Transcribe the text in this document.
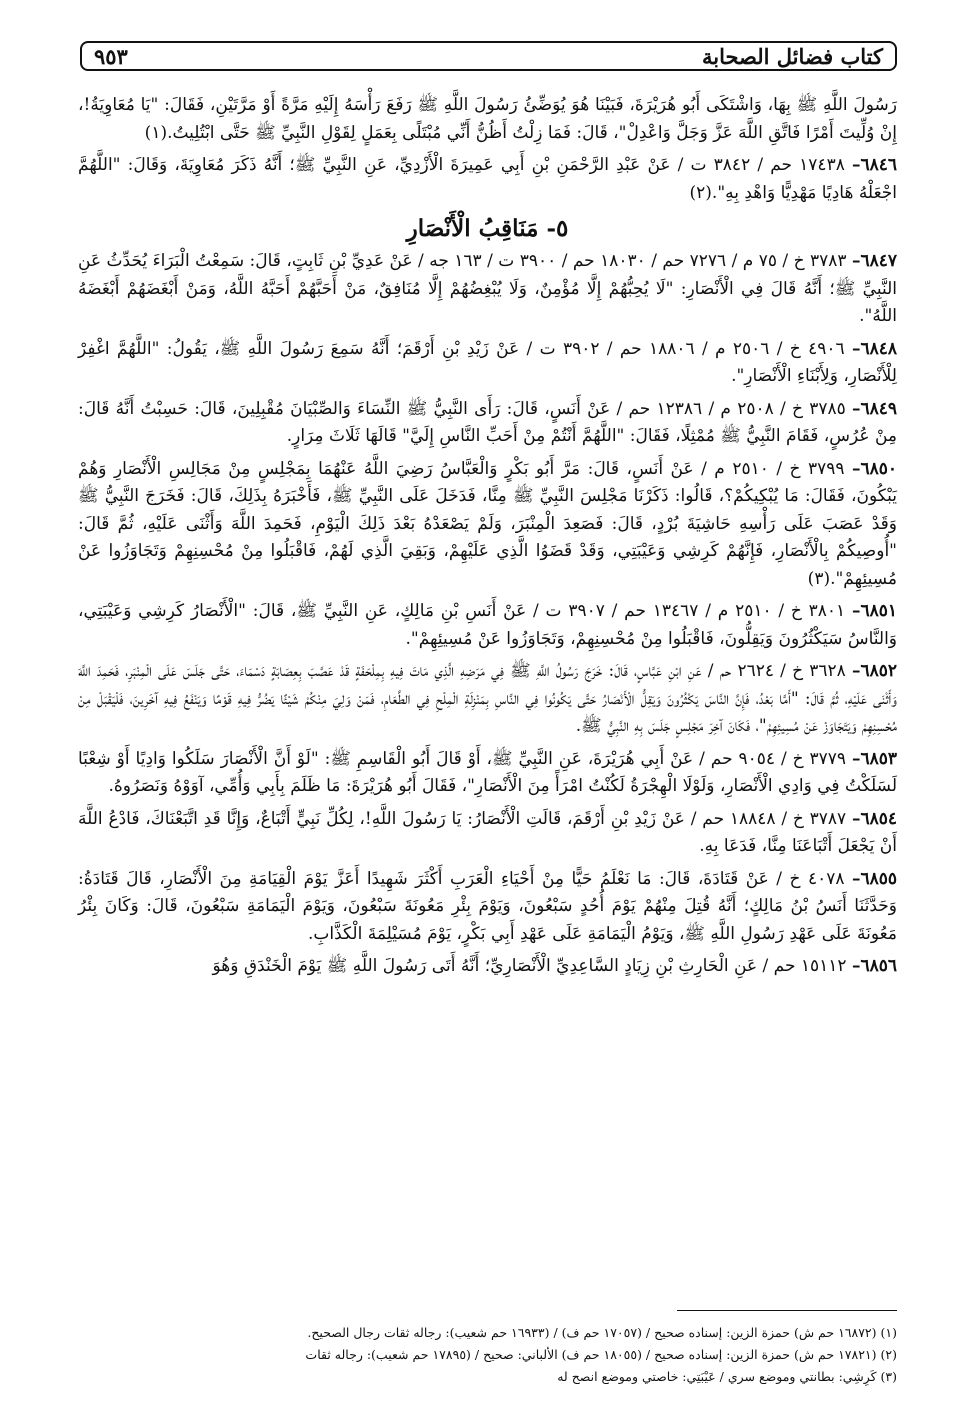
كتاب فضائل الصحابة
٩٥٣

رَسُولَ اللَّهِ ﷺ بِهَا، وَاشْتَكَى أَبُو هُرَيْرَةَ، فَبَيْنَا هُوَ يُوَضِّئُ رَسُولَ اللَّهِ ﷺ رَفَعَ رَأْسَهُ إِلَيْهِ مَرَّةً أَوْ مَرَّتَيْنِ، فَقَالَ: "يَا مُعَاوِيَةُ!، إِنْ وُلِّيتَ أَمْرًا فَاتَّقِ اللَّهَ عَزَّ وَجَلَّ وَاعْدِلْ"، قَالَ: فَمَا زِلْتُ أَظُنُّ أَنِّي مُبْتَلًى بِعَمَلٍ لِقَوْلِ النَّبِيِّ ﷺ حَتَّى ابْتُلِيتُ.(١)

٦٨٤٦– ١٧٤٣٨ حم / ٣٨٤٢ ت / عَنْ عَبْدِ الرَّحْمَنِ بْنِ أَبِي عَمِيرَةَ الْأَزْدِيِّ، عَنِ النَّبِيِّ ﷺ؛ أَنَّهُ ذَكَرَ مُعَاوِيَةَ، وَقَالَ: "اللَّهُمَّ اجْعَلْهُ هَادِيًا مَهْدِيًّا وَاهْدِ بِهِ".(٢)

٥- مَنَاقِبُ الْأَنْصَارِ

٦٨٤٧– ٣٧٨٣ خ / ٧٥ م / ٧٢٧٦ حم / ١٨٠٣٠ حم / ٣٩٠٠ ت / ١٦٣ جه / عَنْ عَدِيِّ بْنِ ثَابِتٍ، قَالَ: سَمِعْتُ الْبَرَاءَ يُحَدِّثُ عَنِ النَّبِيِّ ﷺ؛ أَنَّهُ قَالَ فِي الْأَنْصَارِ: "لَا يُحِبُّهُمْ إِلَّا مُؤْمِنٌ، وَلَا يُبْغِضُهُمْ إِلَّا مُنَافِقٌ، مَنْ أَحَبَّهُمْ أَحَبَّهُ اللَّهُ، وَمَنْ أَبْغَضَهُمْ أَبْغَضَهُ اللَّهُ".

٦٨٤٨– ٤٩٠٦ خ / ٢٥٠٦ م / ١٨٨٠٦ حم / ٣٩٠٢ ت / عَنْ زَيْدِ بْنِ أَرْقَمَ؛ أَنَّهُ سَمِعَ رَسُولَ اللَّهِ ﷺ، يَقُولُ: "اللَّهُمَّ اغْفِرْ لِلْأَنْصَارِ، وَلِأَبْنَاءِ الْأَنْصَارِ".

٦٨٤٩– ٣٧٨٥ خ / ٢٥٠٨ م / ١٢٣٨٦ حم / عَنْ أَنَسٍ، قَالَ: رَأَى النَّبِيُّ ﷺ النِّسَاءَ وَالصِّبْيَانَ مُقْبِلِينَ، قَالَ: حَسِبْتُ أَنَّهُ قَالَ: مِنْ عُرُسٍ، فَقَامَ النَّبِيُّ ﷺ مُمْثِلًا، فَقَالَ: "اللَّهُمَّ أَنْتُمْ مِنْ أَحَبِّ النَّاسِ إِلَيَّ" قَالَهَا ثَلَاثَ مِرَارٍ.

٦٨٥٠– ٣٧٩٩ خ / ٢٥١٠ م / عَنْ أَنَسٍ، قَالَ: مَرَّ أَبُو بَكْرٍ وَالْعَبَّاسُ رَضِيَ اللَّهُ عَنْهُمَا بِمَجْلِسٍ مِنْ مَجَالِسِ الْأَنْصَارِ وَهُمْ يَبْكُونَ، فَقَالَ: مَا يُبْكِيكُمْ؟، قَالُوا: ذَكَرْنَا مَجْلِسَ النَّبِيِّ ﷺ مِنَّا، فَدَخَلَ عَلَى النَّبِيِّ ﷺ، فَأَخْبَرَهُ بِذَلِكَ، قَالَ: فَخَرَجَ النَّبِيُّ ﷺ وَقَدْ عَصَبَ عَلَى رَأْسِهِ حَاشِيَةَ بُرْدٍ، قَالَ: فَصَعِدَ الْمِنْبَرَ، وَلَمْ يَصْعَدْهُ بَعْدَ ذَلِكَ الْيَوْمِ، فَحَمِدَ اللَّهَ وَأَثْنَى عَلَيْهِ، ثُمَّ قَالَ: "أُوصِيكُمْ بِالْأَنْصَارِ، فَإِنَّهُمْ كَرِشِي وَعَيْبَتِي، وَقَدْ قَضَوُا الَّذِي عَلَيْهِمْ، وَبَقِيَ الَّذِي لَهُمْ، فَاقْبَلُوا مِنْ مُحْسِنِهِمْ وَتَجَاوَزُوا عَنْ مُسِيئِهِمْ".(٣)

٦٨٥١– ٣٨٠١ خ / ٢٥١٠ م / ١٣٤٦٧ حم / ٣٩٠٧ ت / عَنْ أَنَسِ بْنِ مَالِكٍ، عَنِ النَّبِيِّ ﷺ، قَالَ: "الْأَنْصَارُ كَرِشِي وَعَيْبَتِي، وَالنَّاسُ سَيَكْثُرُونَ وَيَقِلُّونَ، فَاقْبَلُوا مِنْ مُحْسِنِهِمْ، وَتَجَاوَزُوا عَنْ مُسِيئِهِمْ".

٦٨٥٢– ٣٦٢٨ خ / ٢٦٢٤ حم / عَنِ ابْنِ عَبَّاسٍ، قَالَ: خَرَجَ رَسُولُ اللَّهِ ﷺ فِي مَرَضِهِ الَّذِي مَاتَ فِيهِ بِمِلْحَفَةٍ قَدْ عَصَّبَ بِعِصَابَةٍ دَسْمَاءَ، حَتَّى جَلَسَ عَلَى الْمِنْبَرِ، فَحَمِدَ اللَّهَ وَأَثْنَى عَلَيْهِ، ثُمَّ قَالَ: "أَمَّا بَعْدُ، فَإِنَّ النَّاسَ يَكْثُرُونَ وَيَقِلُّ الْأَنْصَارُ حَتَّى يَكُونُوا فِي النَّاسِ بِمَنْزِلَةِ الْمِلْحِ فِي الطَّعَامِ، فَمَنْ وَلِيَ مِنْكُمْ شَيْئًا يَضُرُّ فِيهِ قَوْمًا وَيَنْفَعُ فِيهِ آخَرِينَ، فَلْيَقْبَلْ مِنْ مُحْسِنِهِمْ وَيَتَجَاوَزْ عَنْ مُسِيئِهِمْ"، فَكَانَ آخِرَ مَجْلِسٍ جَلَسَ بِهِ النَّبِيُّ ﷺ.

٦٨٥٣– ٣٧٧٩ خ / ٩٠٥٤ حم / عَنْ أَبِي هُرَيْرَةَ، عَنِ النَّبِيِّ ﷺ، أَوْ قَالَ أَبُو الْقَاسِمِ ﷺ: "لَوْ أَنَّ الْأَنْصَارَ سَلَكُوا وَادِيًا أَوْ شِعْبًا لَسَلَكْتُ فِي وَادِي الْأَنْصَارِ، وَلَوْلَا الْهِجْرَةُ لَكُنْتُ امْرَأً مِنَ الْأَنْصَارِ"، فَقَالَ أَبُو هُرَيْرَةَ: مَا ظَلَمَ بِأَبِي وَأُمِّي، آوَوْهُ وَنَصَرُوهُ.

٦٨٥٤– ٣٧٨٧ خ / ١٨٨٤٨ حم / عَنْ زَيْدِ بْنِ أَرْقَمَ، قَالَتِ الْأَنْصَارُ: يَا رَسُولَ اللَّهِ!، لِكُلِّ نَبِيٍّ أَتْبَاعٌ، وَإِنَّا قَدِ اتَّبَعْنَاكَ، فَادْعُ اللَّهَ أَنْ يَجْعَلَ أَتْبَاعَنَا مِنَّا، فَدَعَا بِهِ.

٦٨٥٥– ٤٠٧٨ خ / عَنْ قَتَادَةَ، قَالَ: مَا نَعْلَمُ حَيًّا مِنْ أَحْيَاءِ الْعَرَبِ أَكْثَرَ شَهِيدًا أَعَزَّ يَوْمَ الْقِيَامَةِ مِنَ الْأَنْصَارِ، قَالَ قَتَادَةُ: وَحَدَّثَنَا أَنَسُ بْنُ مَالِكٍ؛ أَنَّهُ قُتِلَ مِنْهُمْ يَوْمَ أُحُدٍ سَبْعُونَ، وَيَوْمَ بِئْرِ مَعُونَةَ سَبْعُونَ، وَيَوْمَ الْيَمَامَةِ سَبْعُونَ، قَالَ: وَكَانَ بِئْرُ مَعُونَةَ عَلَى عَهْدِ رَسُولِ اللَّهِ ﷺ، وَيَوْمُ الْيَمَامَةِ عَلَى عَهْدِ أَبِي بَكْرٍ، يَوْمَ مُسَيْلِمَةَ الْكَذَّابِ.

٦٨٥٦– ١٥١١٢ حم / عَنِ الْحَارِثِ بْنِ زِيَادٍ السَّاعِدِيِّ الْأَنْصَارِيِّ؛ أَنَّهُ أَتَى رَسُولَ اللَّهِ ﷺ يَوْمَ الْخَنْدَقِ وَهُوَ

(١) (١٦٨٧٢ حم ش) حمزة الزين: إسناده صحيح / (١٧٠٥٧ حم ف) / (١٦٩٣٣ حم شعيب): رجاله ثقات رجال الصحيح.
(٢) (١٧٨٢١ حم ش) حمزة الزين: إسناده صحيح / (١٨٠٥٥ حم ف) الألباني: صحيح / (١٧٨٩٥ حم شعيب): رجاله ثقات
(٣) كَرِشِي: بطانتي وموضع سري / عَيْبَتِي: خاصتي وموضع انصح له
